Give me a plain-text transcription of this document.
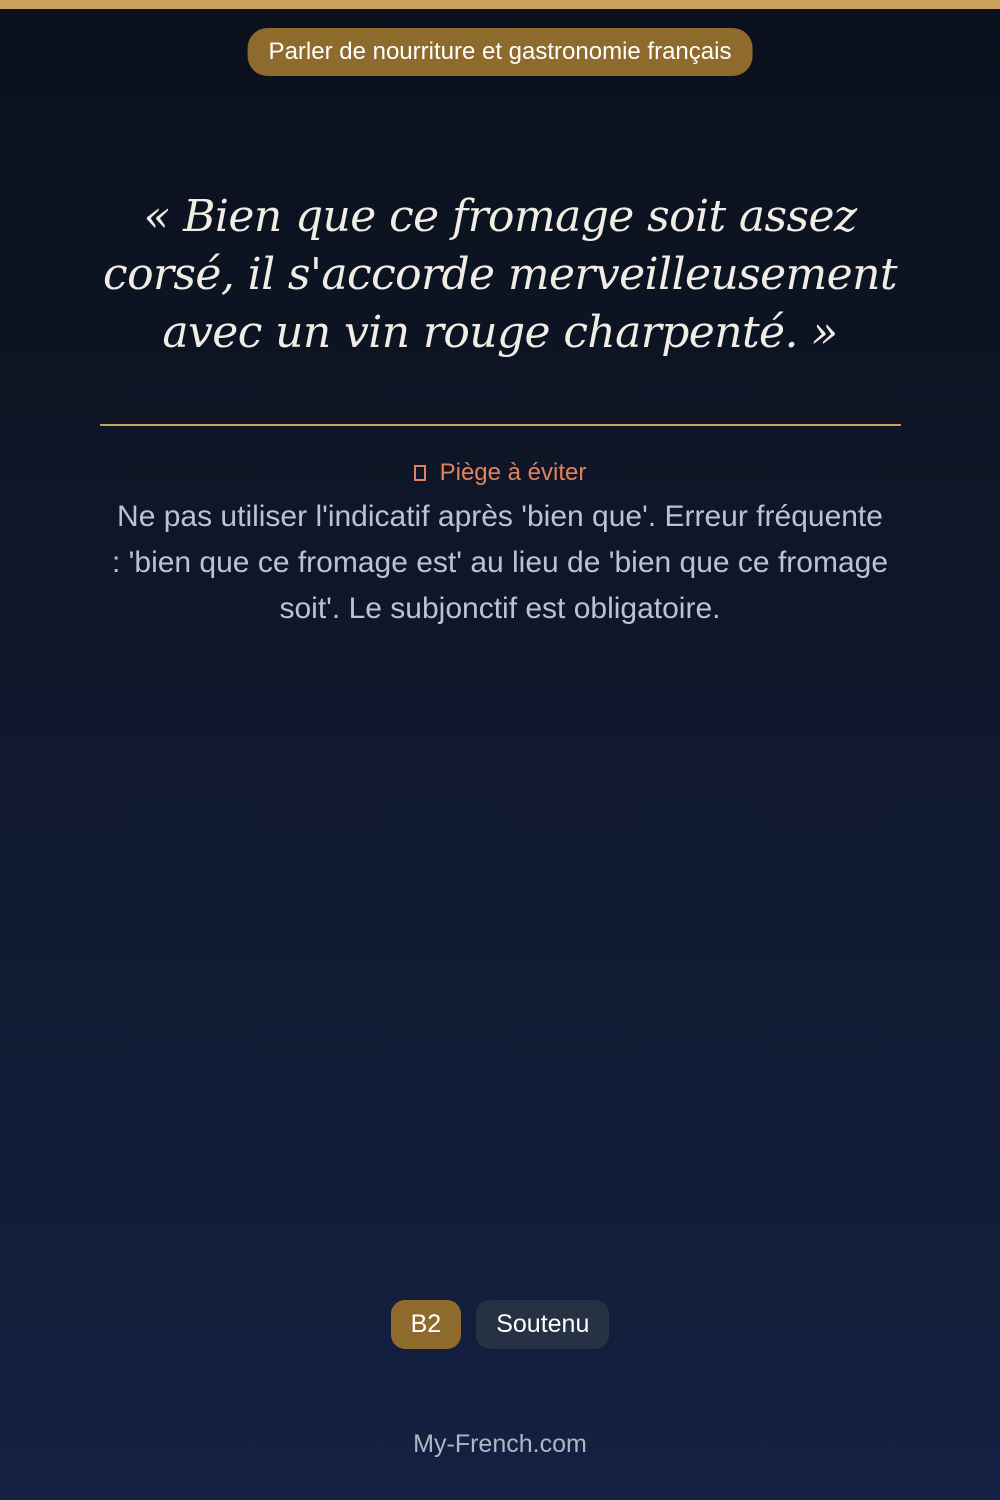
Parler de nourriture et gastronomie français

« Bien que ce fromage soit assez corsé, il s'accorde merveilleusement avec un vin rouge charpenté. »

Piège à éviter

Ne pas utiliser l'indicatif après 'bien que'. Erreur fréquente : 'bien que ce fromage est' au lieu de 'bien que ce fromage soit'. Le subjonctif est obligatoire.

B2	Soutenu
My-French.com
